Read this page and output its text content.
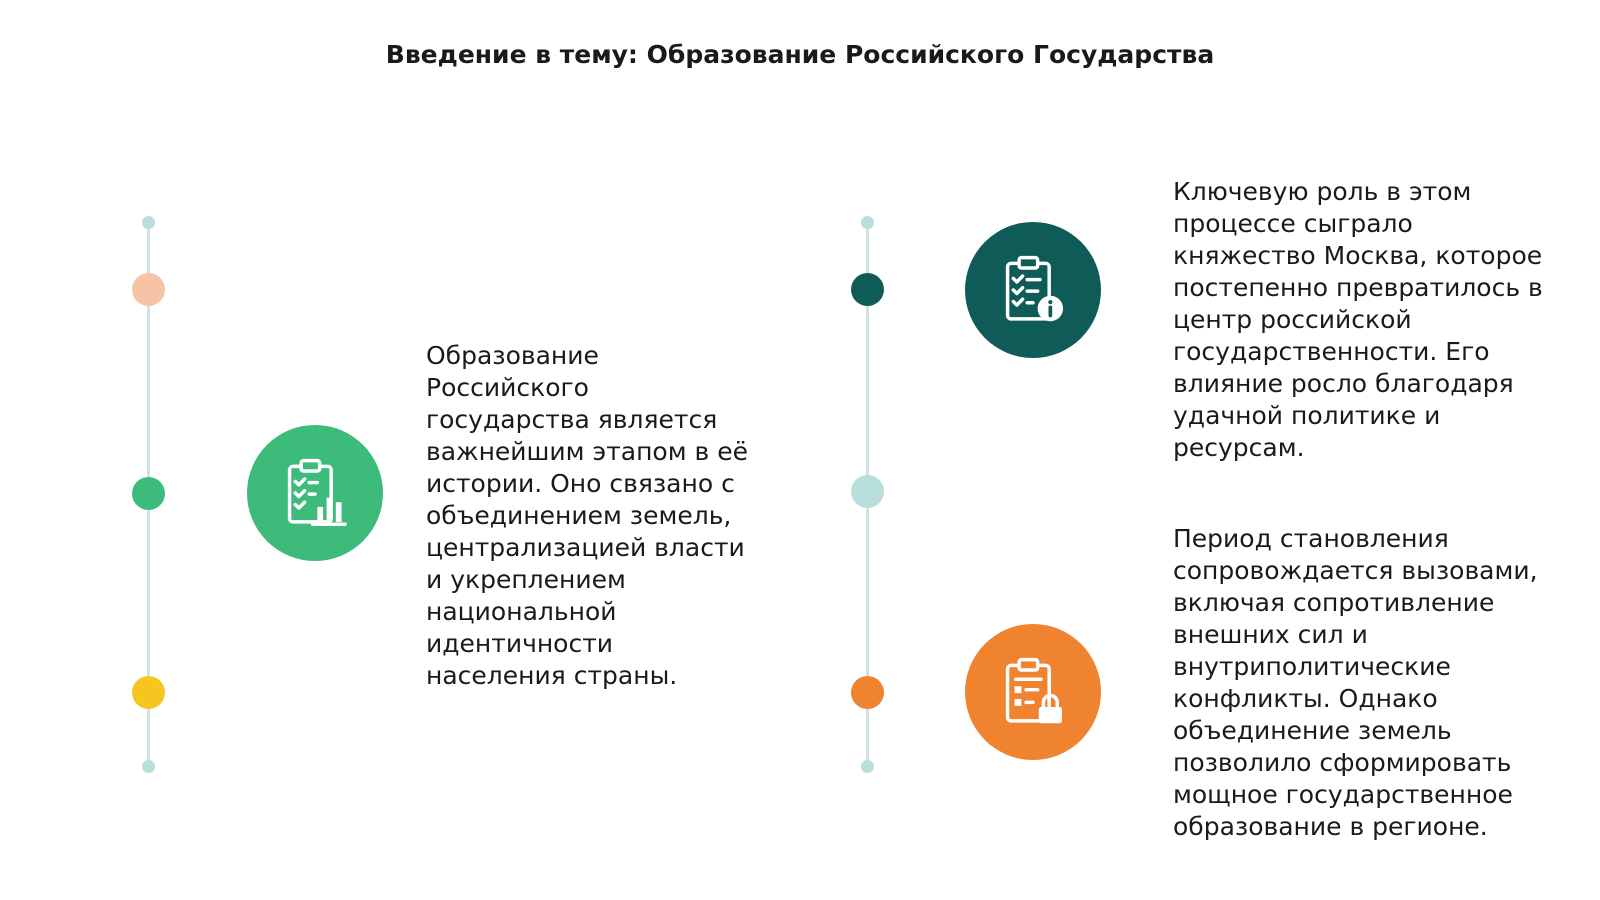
Введение в тему: Образование Российского Государства
Образование Российского государства является важнейшим этапом в её истории. Оно связано с объединением земель, централизацией власти и укреплением национальной идентичности населения страны.
Ключевую роль в этом процессе сыграло княжество Москва, которое постепенно превратилось в центр российской государственности. Его влияние росло благодаря удачной политике и ресурсам.
Период становления сопровождается вызовами, включая сопротивление внешних сил и внутриполитические конфликты. Однако объединение земель позволило сформировать мощное государственное образование в регионе.
